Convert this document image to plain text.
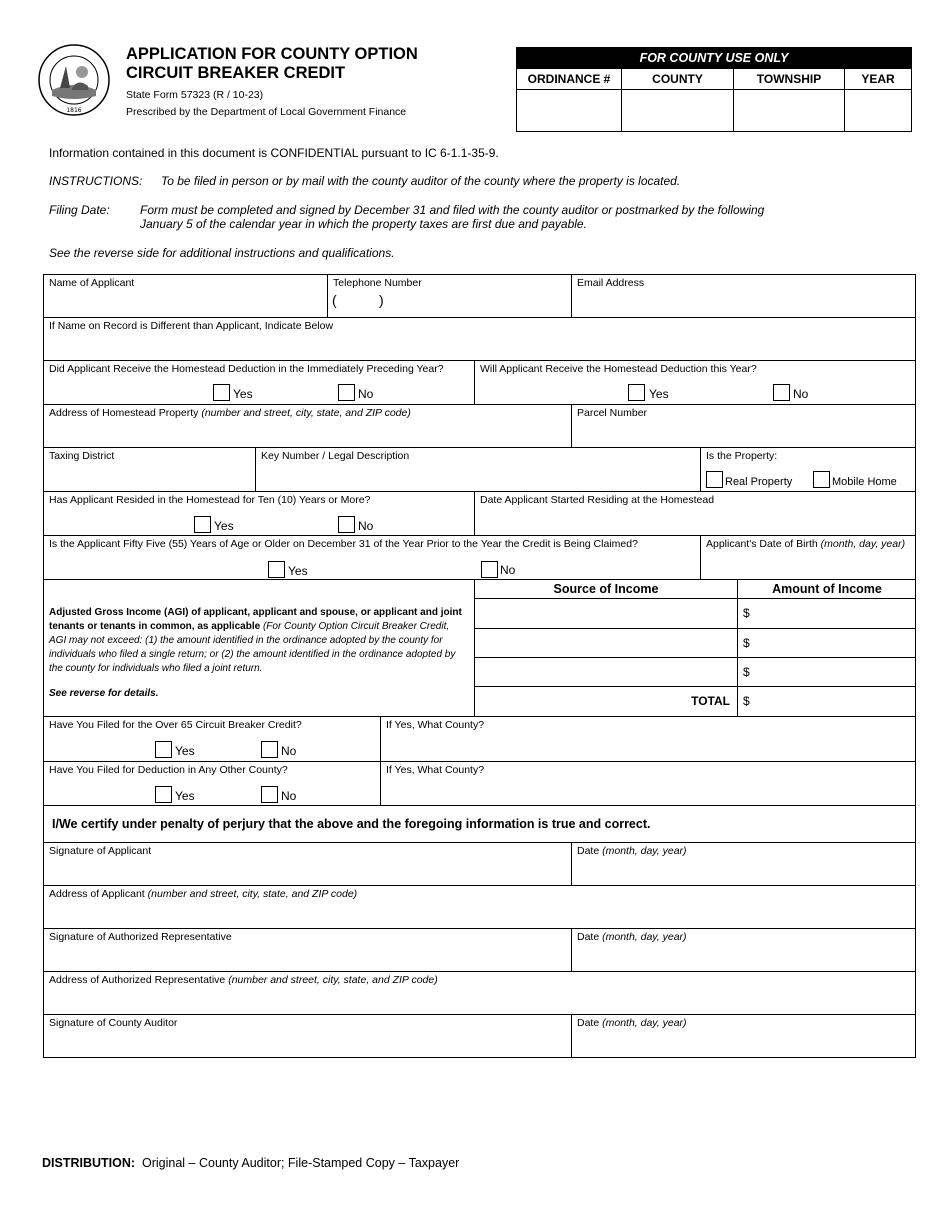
1816
APPLICATION FOR COUNTY OPTION
CIRCUIT BREAKER CREDIT
State Form 57323 (R / 10-23)
Prescribed by the Department of Local Government Finance
FOR COUNTY USE ONLY
ORDINANCE #	COUNTY	TOWNSHIP	YEAR
Information contained in this document is CONFIDENTIAL pursuant to IC 6-1.1-35-9.
INSTRUCTIONS: To be filed in person or by mail with the county auditor of the county where the property is located.
Filing Date:	Form must be completed and signed by December 31 and filed with the county auditor or postmarked by the following
January 5 of the calendar year in which the property taxes are first due and payable.
See the reverse side for additional instructions and qualifications.
Name of Applicant	Telephone Number
(	)
Email Address
If Name on Record is Different than Applicant, Indicate Below
Did Applicant Receive the Homestead Deduction in the Immediately Preceding Year?
Yes	No
Will Applicant Receive the Homestead Deduction this Year?
Yes	No
Address of Homestead Property (number and street, city, state, and ZIP code)	Parcel Number
Taxing District	Key Number / Legal Description	Is the Property:
Real Property	Mobile Home
Has Applicant Resided in the Homestead for Ten (10) Years or More?
Yes	No
Date Applicant Started Residing at the Homestead
Is the Applicant Fifty Five (55) Years of Age or Older on December 31 of the Year Prior to the Year the Credit is Being Claimed?
Yes	No
Applicant's Date of Birth (month, day, year)
Adjusted Gross Income (AGI) of applicant, applicant and spouse, or applicant and joint tenants or tenants in common, as applicable (For County Option Circuit Breaker Credit, AGI may not exceed: (1) the amount identified in the ordinance adopted by the county for individuals who filed a single return; or (2) the amount identified in the ordinance adopted by the county for individuals who filed a joint return.
See reverse for details.
Source of Income	Amount of Income
$
$
$
TOTAL $
Have You Filed for the Over 65 Circuit Breaker Credit?
Yes	No
If Yes, What County?
Have You Filed for Deduction in Any Other County?
Yes	No
If Yes, What County?
I/We certify under penalty of perjury that the above and the foregoing information is true and correct.
Signature of Applicant	Date (month, day, year)
Address of Applicant (number and street, city, state, and ZIP code)
Signature of Authorized Representative	Date (month, day, year)
Address of Authorized Representative (number and street, city, state, and ZIP code)
Signature of County Auditor	Date (month, day, year)
DISTRIBUTION: Original – County Auditor; File-Stamped Copy – Taxpayer
